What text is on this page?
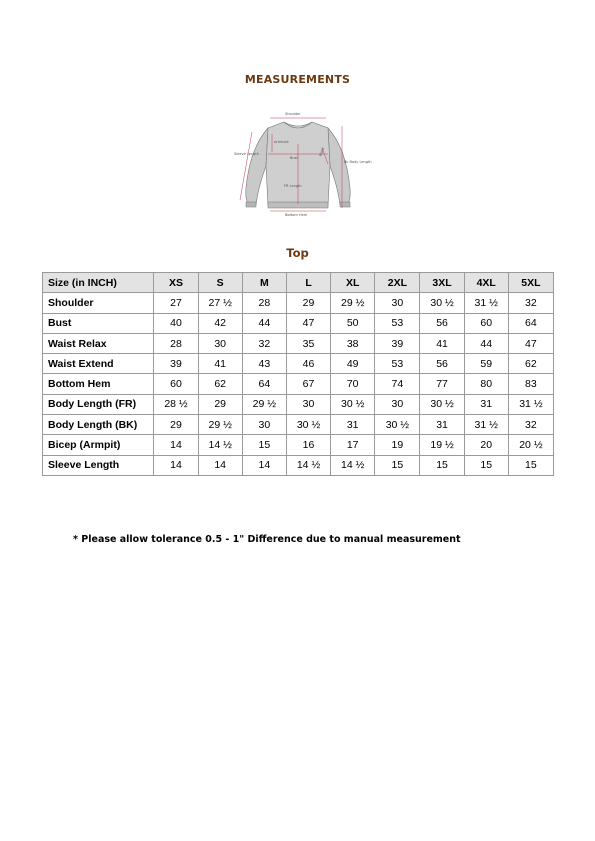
MEASUREMENTS
Shoulder
Sleeve Length
Armhole
Bust
Bk Body Length
Waist
FR Length
Bottom Hem
Top
Size (in INCH)	XS	S	M	L	XL	2XL	3XL	4XL	5XL
Shoulder	27	27 ½	28	29	29 ½	30	30 ½	31 ½	32
Bust	40	42	44	47	50	53	56	60	64
Waist Relax	28	30	32	35	38	39	41	44	47
Waist Extend	39	41	43	46	49	53	56	59	62
Bottom Hem	60	62	64	67	70	74	77	80	83
Body Length (FR)	28 ½	29	29 ½	30	30 ½	30	30 ½	31	31 ½
Body Length (BK)	29	29 ½	30	30 ½	31	30 ½	31	31 ½	32
Bicep (Armpit)	14	14 ½	15	16	17	19	19 ½	20	20 ½
Sleeve Length	14	14	14	14 ½	14 ½	15	15	15	15
* Please allow tolerance 0.5 - 1" Difference due to manual measurement
